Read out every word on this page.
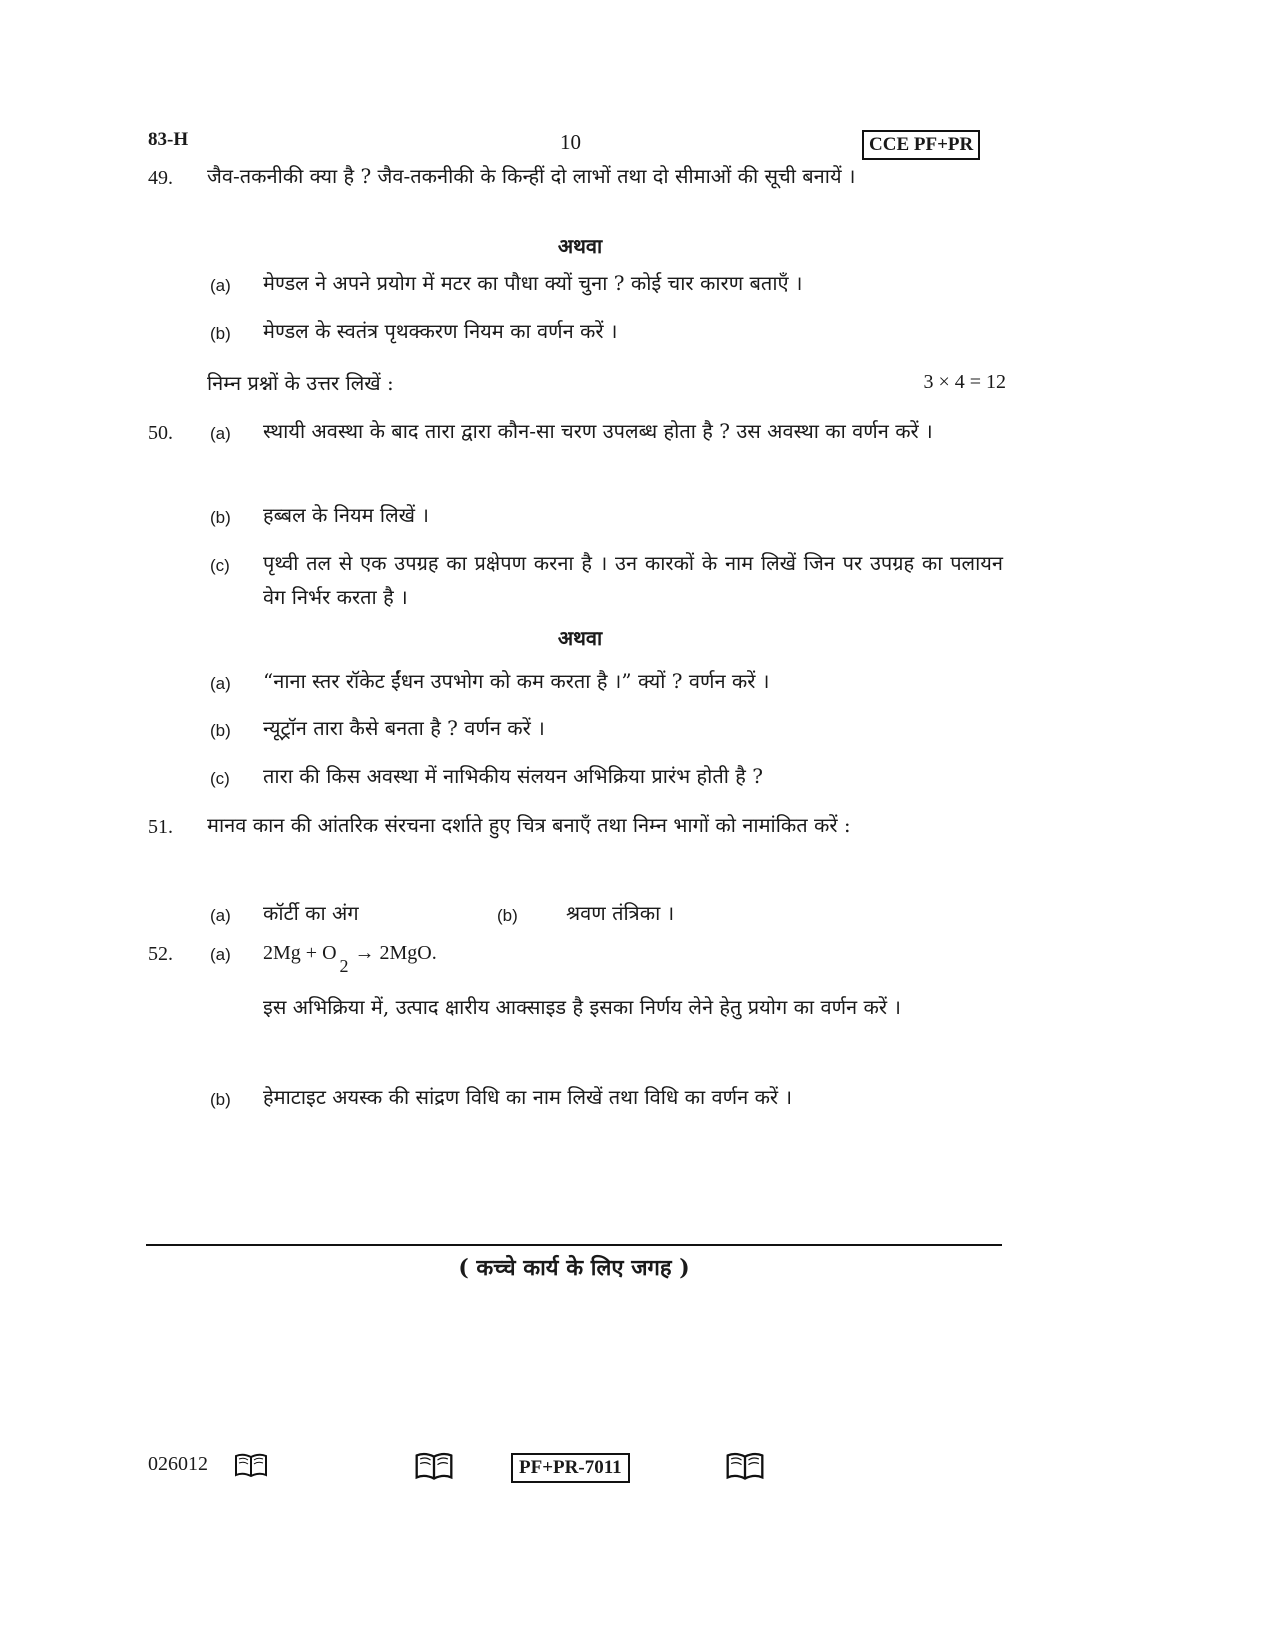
83-H	10	CCE PF+PR
49. जैव-तकनीकी क्या है ? जैव-तकनीकी के किन्हीं दो लाभों तथा दो सीमाओं की सूची बनायें ।
अथवा
(a) मेण्डल ने अपने प्रयोग में मटर का पौधा क्यों चुना ? कोई चार कारण बताएँ ।
(b) मेण्डल के स्वतंत्र पृथक्करण नियम का वर्णन करें ।
निम्न प्रश्नों के उत्तर लिखें :	3 × 4 = 12
50. (a) स्थायी अवस्था के बाद तारा द्वारा कौन-सा चरण उपलब्ध होता है ? उस अवस्था का वर्णन करें ।
(b) हब्बल के नियम लिखें ।
(c) पृथ्वी तल से एक उपग्रह का प्रक्षेपण करना है । उन कारकों के नाम लिखें जिन पर उपग्रह का पलायन वेग निर्भर करता है ।
अथवा
(a) “नाना स्तर रॉकेट ईंधन उपभोग को कम करता है ।” क्यों ? वर्णन करें ।
(b) न्यूट्रॉन तारा कैसे बनता है ? वर्णन करें ।
(c) तारा की किस अवस्था में नाभिकीय संलयन अभिक्रिया प्रारंभ होती है ?
51. मानव कान की आंतरिक संरचना दर्शाते हुए चित्र बनाएँ तथा निम्न भागों को नामांकित करें :
(a) कॉर्टी का अंग	(b) श्रवण तंत्रिका ।
52. (a) $2Mg + O_2\to 2MgO$.
इस अभिक्रिया में, उत्पाद क्षारीय आक्साइड है इसका निर्णय लेने हेतु प्रयोग का वर्णन करें ।
(b) हेमाटाइट अयस्क की सांद्रण विधि का नाम लिखें तथा विधि का वर्णन करें ।
( कच्चे कार्य के लिए जगह )
026012	PF+PR-7011
